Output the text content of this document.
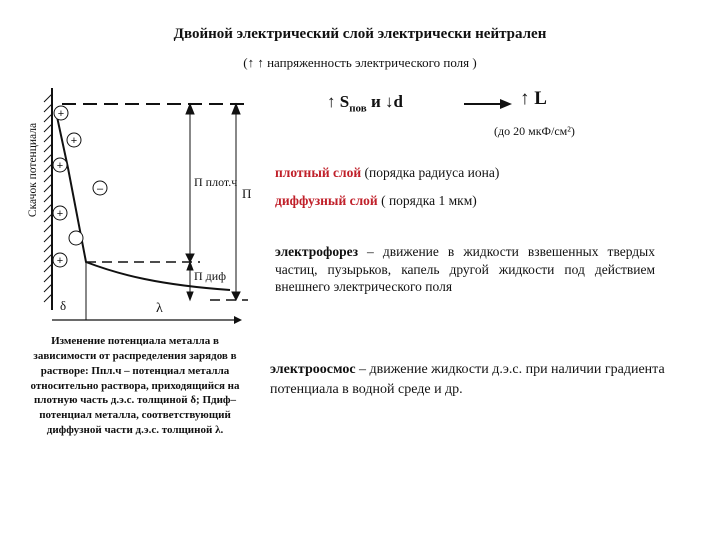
Двойной электрический слой электрически нейтрален
(↑ ↑ напряженность электрического поля )
+
+
+
–
+
+
П плот.ч
П
П диф
δ	λ
Скачок потенциала
Изменение потенциала металла в зависимости от распределения зарядов в растворе: Ппл.ч – потенциал металла относительно раствора, приходящийся на плотную часть д.э.с. толщиной δ; Пдиф– потенциал металла, соответствующий диффузной части д.э.с. толщиной λ.
↑ $S_{пов}$ и ↓d	↑ L
(до 20 мкФ/см²)
плотный слой (порядка радиуса иона)
диффузный слой ( порядка 1 мкм)
электрофорез – движение в жидкости взвешенных твердых частиц, пузырьков, капель другой жидкости под действием внешнего электрического поля
электроосмос – движение жидкости д.э.с. при наличии градиента потенциала в водной среде и др.
